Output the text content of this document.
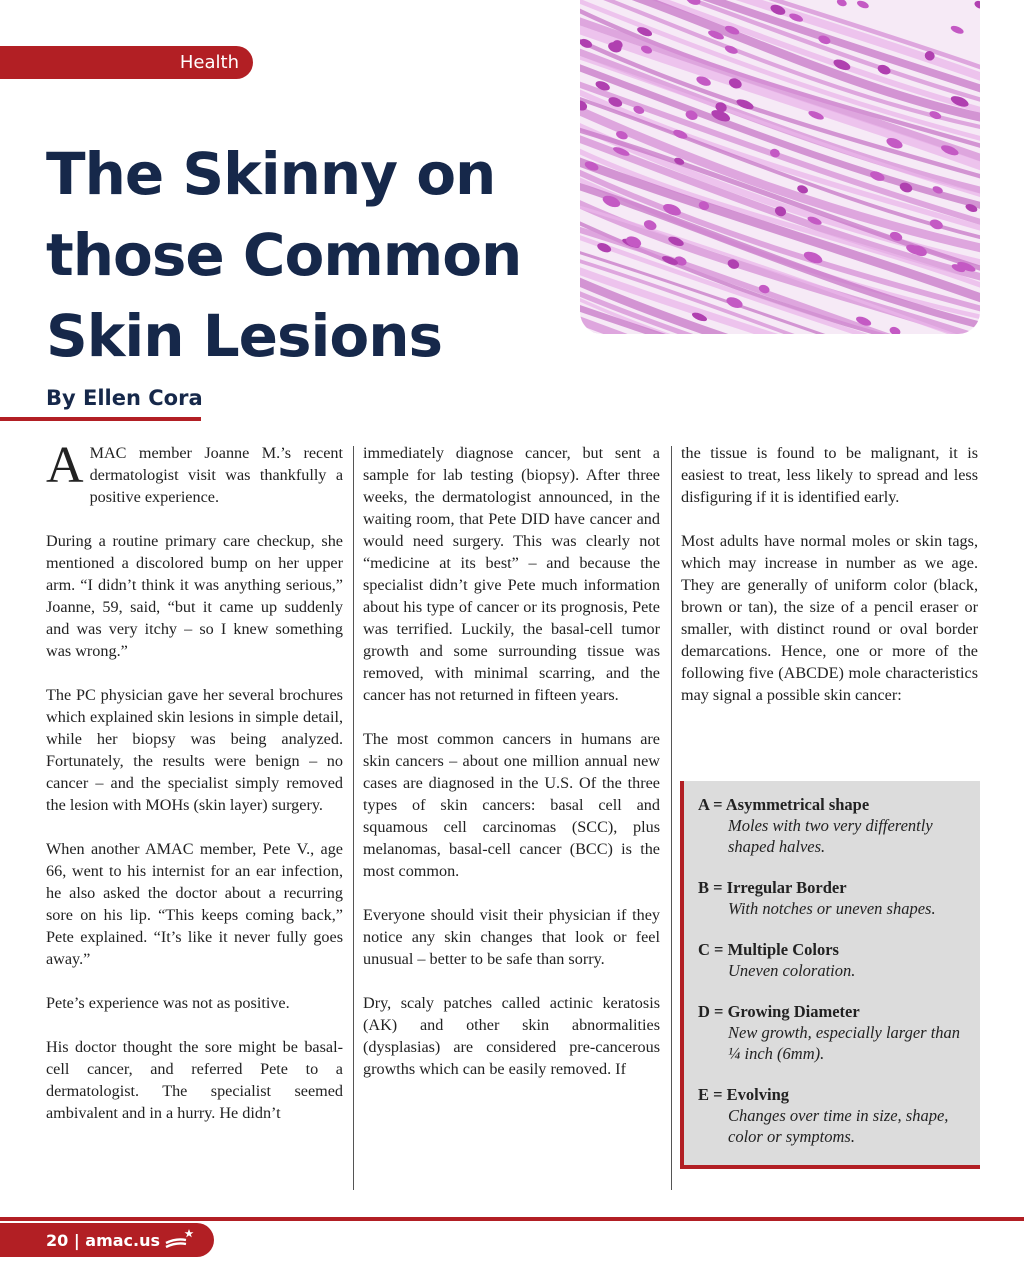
Health
The Skinny on
those Common
Skin Lesions
By Ellen Cora

AMAC member Joanne M.’s recent dermatologist visit was thankfully a positive experience.

During a routine primary care checkup, she mentioned a discolored bump on her upper arm. “I didn’t think it was anything serious,” Joanne, 59, said, “but it came up suddenly and was very itchy – so I knew something was wrong.”

The PC physician gave her several brochures which explained skin lesions in simple detail, while her biopsy was being analyzed. Fortunately, the results were benign – no cancer – and the specialist simply removed the lesion with MOHs (skin layer) surgery.

When another AMAC member, Pete V., age 66, went to his internist for an ear infection, he also asked the doctor about a recurring sore on his lip. “This keeps coming back,” Pete explained. “It’s like it never fully goes away.”

Pete’s experience was not as positive.

His doctor thought the sore might be basal-cell cancer, and referred Pete to a dermatologist. The specialist seemed ambivalent and in a hurry. He didn’t

immediately diagnose cancer, but sent a sample for lab testing (biopsy). After three weeks, the dermatologist announced, in the waiting room, that Pete DID have cancer and would need surgery. This was clearly not “medicine at its best” – and because the specialist didn’t give Pete much information about his type of cancer or its prognosis, Pete was terrified. Luckily, the basal-cell tumor growth and some surrounding tissue was removed, with minimal scarring, and the cancer has not returned in fifteen years.

The most common cancers in humans are skin cancers – about one million annual new cases are diagnosed in the U.S. Of the three types of skin cancers: basal cell and squamous cell carcinomas (SCC), plus melanomas, basal-cell cancer (BCC) is the most common.

Everyone should visit their physician if they notice any skin changes that look or feel unusual – better to be safe than sorry.

Dry, scaly patches called actinic keratosis (AK) and other skin abnormalities (dysplasias) are considered pre-cancerous growths which can be easily removed. If

the tissue is found to be malignant, it is easiest to treat, less likely to spread and less disfiguring if it is identified early.

Most adults have normal moles or skin tags, which may increase in number as we age. They are generally of uniform color (black, brown or tan), the size of a pencil eraser or smaller, with distinct round or oval border demarcations. Hence, one or more of the following five (ABCDE) mole characteristics may signal a possible skin cancer:

A = Asymmetrical shape
Moles with two very differently shaped halves.
B = Irregular Border
With notches or uneven shapes.
C = Multiple Colors
Uneven coloration.
D = Growing Diameter
New growth, especially larger than ¼ inch (6mm).
E = Evolving
Changes over time in size, shape, color or symptoms.
20 | amac.us
